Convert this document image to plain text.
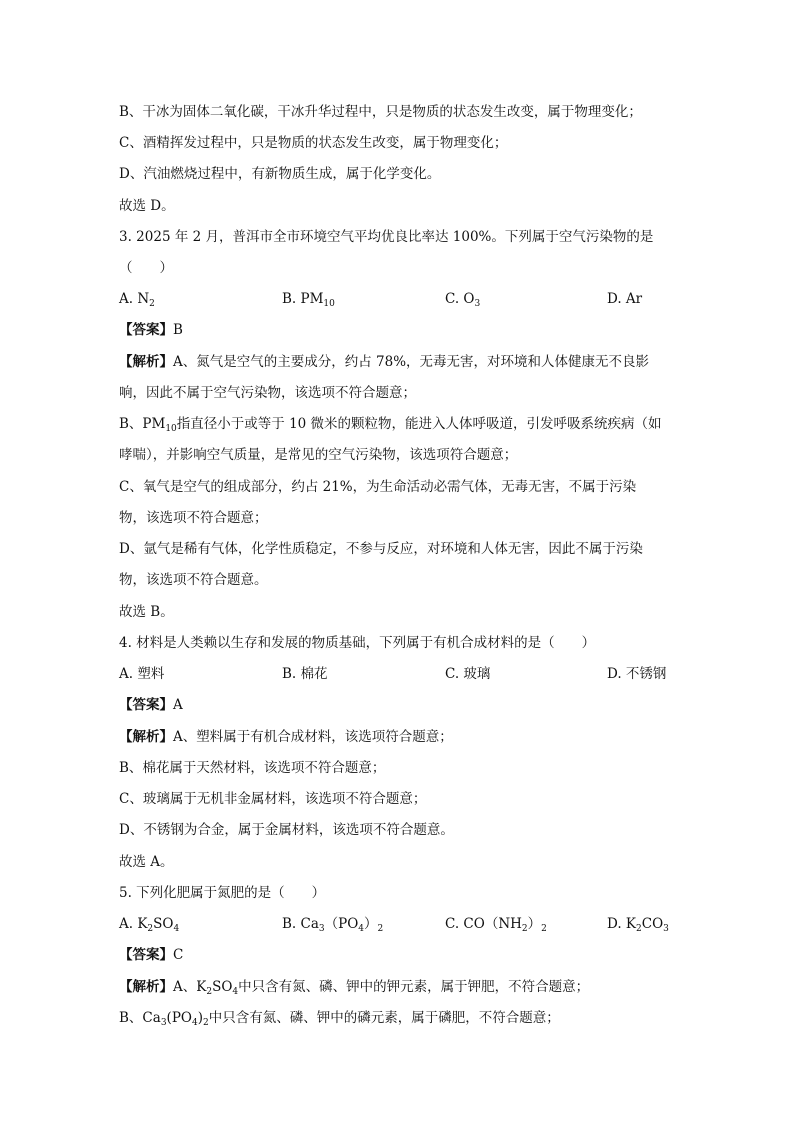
B、干冰为固体二氧化碳，干冰升华过程中，只是物质的状态发生改变，属于物理变化；
C、酒精挥发过程中，只是物质的状态发生改变，属于物理变化；
D、汽油燃烧过程中，有新物质生成，属于化学变化。
故选 D。
3. 2025 年 2 月，普洱市全市环境空气平均优良比率达 100%。下列属于空气污染物的是
（　　）
A. $N_2$	B. $PM_{10}$	C. $O_3$	D. Ar
【答案】B
【解析】A、氮气是空气的主要成分，约占 78%，无毒无害，对环境和人体健康无不良影
响，因此不属于空气污染物，该选项不符合题意；
B、$PM_{10}$指直径小于或等于 10 微米的颗粒物，能进入人体呼吸道，引发呼吸系统疾病（如
哮喘），并影响空气质量，是常见的空气污染物，该选项符合题意；
C、氧气是空气的组成部分，约占 21%，为生命活动必需气体，无毒无害，不属于污染
物，该选项不符合题意；
D、氩气是稀有气体，化学性质稳定，不参与反应，对环境和人体无害，因此不属于污染
物，该选项不符合题意。
故选 B。
4. 材料是人类赖以生存和发展的物质基础，下列属于有机合成材料的是（　　）
A. 塑料	B. 棉花	C. 玻璃	D. 不锈钢
【答案】A
【解析】A、塑料属于有机合成材料，该选项符合题意；
B、棉花属于天然材料，该选项不符合题意；
C、玻璃属于无机非金属材料，该选项不符合题意；
D、不锈钢为合金，属于金属材料，该选项不符合题意。
故选 A。
5. 下列化肥属于氮肥的是（　　）
A. $K_2SO_4$	B. $Ca_3(PO_4)_2$	C. $CO(NH_2)_2$	D. $K_2CO_3$
【答案】C
【解析】A、$K_2SO_4$中只含有氮、磷、钾中的钾元素，属于钾肥，不符合题意；
B、$Ca_3(PO_4)_2$中只含有氮、磷、钾中的磷元素，属于磷肥，不符合题意；
